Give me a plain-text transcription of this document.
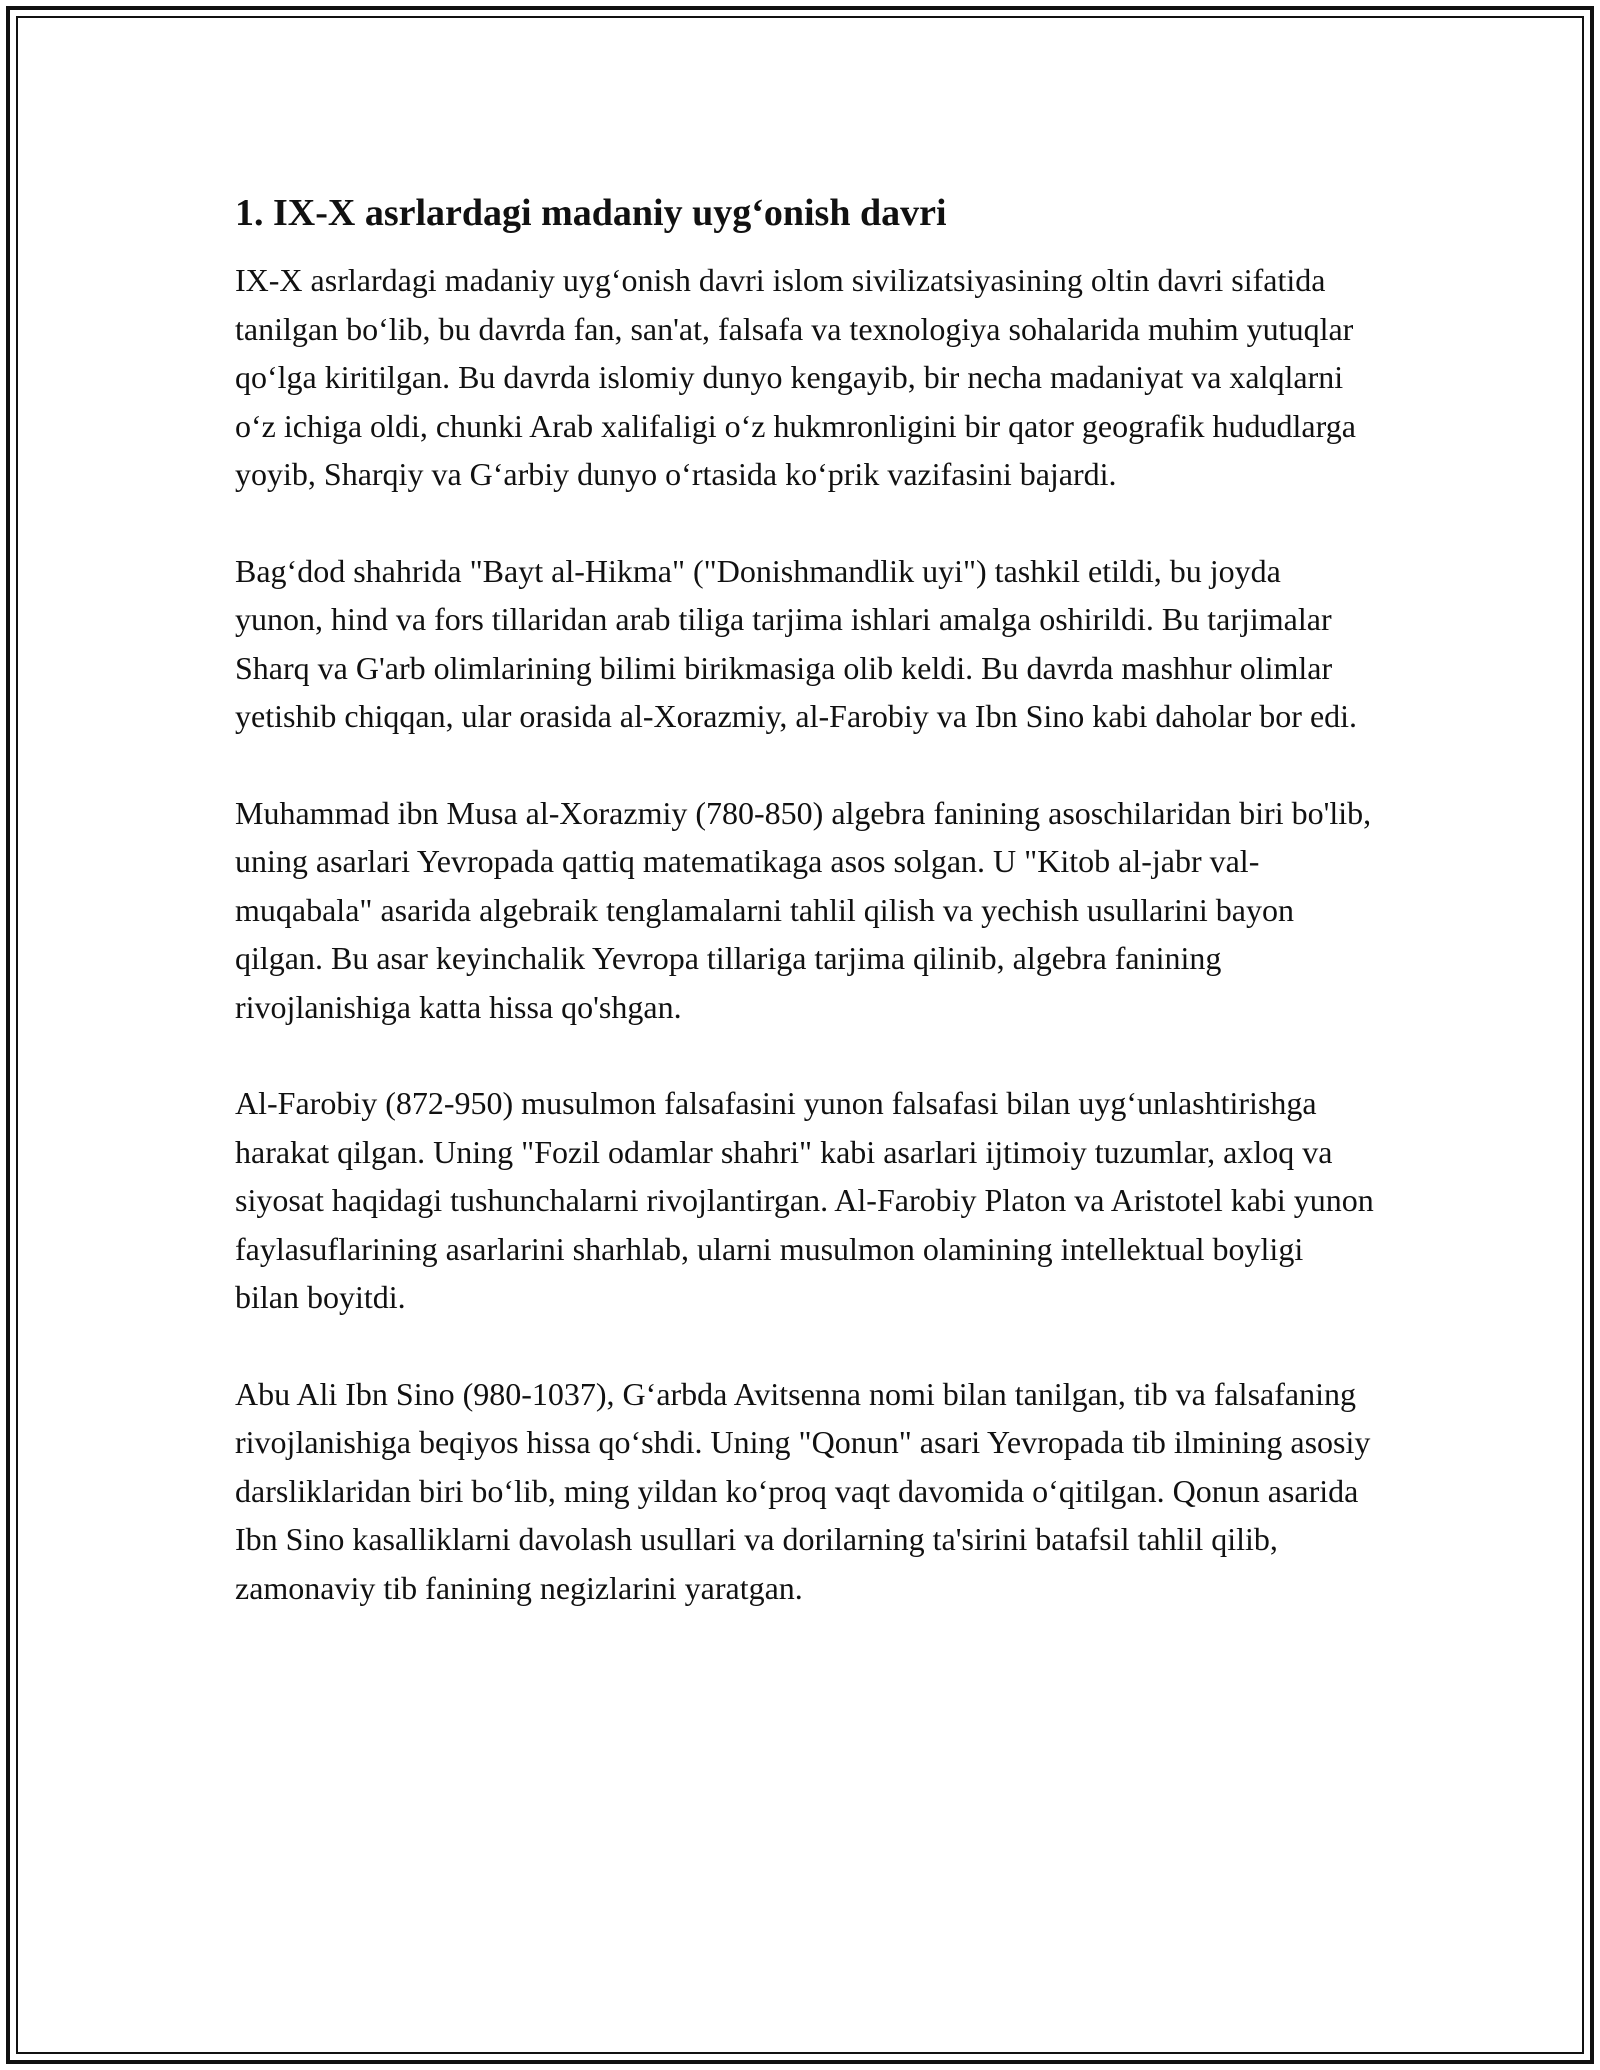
1. IX-X asrlardagi madaniy uyg‘onish davri

IX-X asrlardagi madaniy uyg‘onish davri islom sivilizatsiyasining oltin davri sifatida tanilgan bo‘lib, bu davrda fan, san'at, falsafa va texnologiya sohalarida muhim yutuqlar qo‘lga kiritilgan. Bu davrda islomiy dunyo kengayib, bir necha madaniyat va xalqlarni o‘z ichiga oldi, chunki Arab xalifaligi o‘z hukmronligini bir qator geografik hududlarga yoyib, Sharqiy va G‘arbiy dunyo o‘rtasida ko‘prik vazifasini bajardi.

Bag‘dod shahrida "Bayt al-Hikma" ("Donishmandlik uyi") tashkil etildi, bu joyda yunon, hind va fors tillaridan arab tiliga tarjima ishlari amalga oshirildi. Bu tarjimalar Sharq va G'arb olimlarining bilimi birikmasiga olib keldi. Bu davrda mashhur olimlar yetishib chiqqan, ular orasida al-Xorazmiy, al-Farobiy va Ibn Sino kabi daholar bor edi.

Muhammad ibn Musa al-Xorazmiy (780-850) algebra fanining asoschilaridan biri bo'lib, uning asarlari Yevropada qattiq matematikaga asos solgan. U "Kitob al-jabr val-muqabala" asarida algebraik tenglamalarni tahlil qilish va yechish usullarini bayon qilgan. Bu asar keyinchalik Yevropa tillariga tarjima qilinib, algebra fanining rivojlanishiga katta hissa qo'shgan.

Al-Farobiy (872-950) musulmon falsafasini yunon falsafasi bilan uyg‘unlashtirishga harakat qilgan. Uning "Fozil odamlar shahri" kabi asarlari ijtimoiy tuzumlar, axloq va siyosat haqidagi tushunchalarni rivojlantirgan. Al-Farobiy Platon va Aristotel kabi yunon faylasuflarining asarlarini sharhlab, ularni musulmon olamining intellektual boyligi bilan boyitdi.

Abu Ali Ibn Sino (980-1037), G‘arbda Avitsenna nomi bilan tanilgan, tib va falsafaning rivojlanishiga beqiyos hissa qo‘shdi. Uning "Qonun" asari Yevropada tib ilmining asosiy darsliklaridan biri bo‘lib, ming yildan ko‘proq vaqt davomida o‘qitilgan. Qonun asarida Ibn Sino kasalliklarni davolash usullari va dorilarning ta'sirini batafsil tahlil qilib, zamonaviy tib fanining negizlarini yaratgan.
